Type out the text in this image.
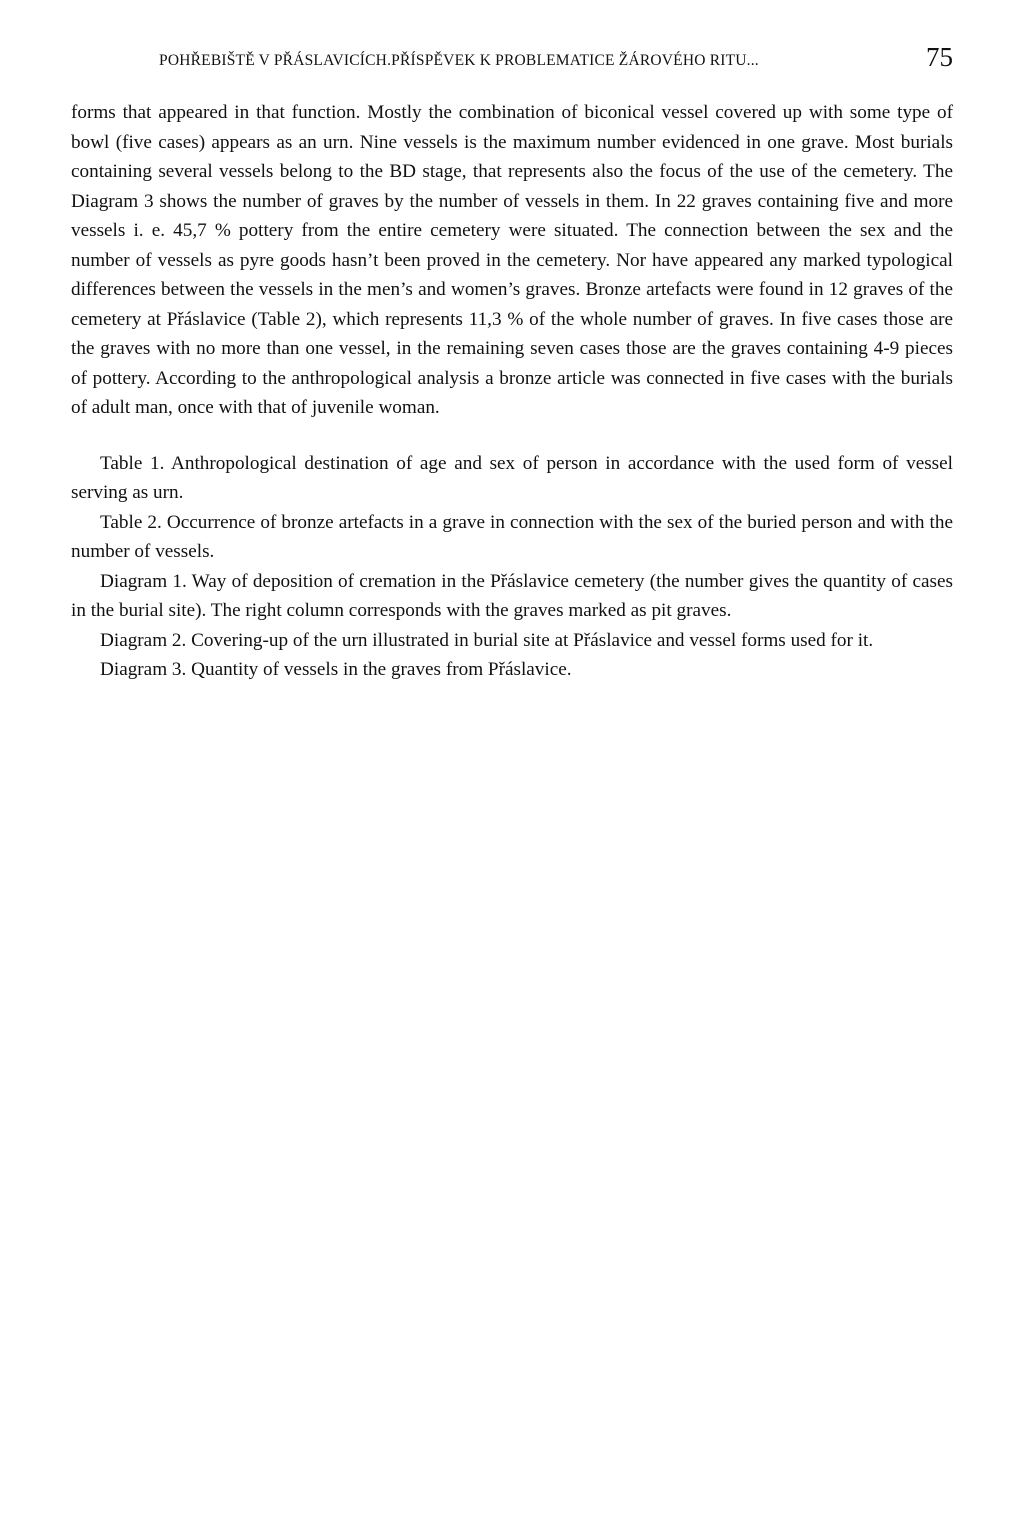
POHŘEBIŠTĚ V PŘÁSLAVICÍCH.PŘÍSPĚVEK K PROBLEMATICE ŽÁROVÉHO RITU...	75

forms that appeared in that function. Mostly the combination of biconical vessel covered up with some type of bowl (five cases) appears as an urn. Nine vessels is the maximum number evidenced in one grave. Most burials containing several vessels belong to the BD stage, that represents also the focus of the use of the cemetery. The Diagram 3 shows the number of graves by the number of vessels in them. In 22 graves containing five and more vessels i. e. 45,7 % pottery from the entire cemetery were situated. The connection between the sex and the number of vessels as pyre goods hasn’t been proved in the cemetery. Nor have appeared any marked typological differences between the vessels in the men’s and women’s graves. Bronze artefacts were found in 12 graves of the cemetery at Přáslavice (Table 2), which represents 11,3 % of the whole number of graves. In five cases those are the graves with no more than one vessel, in the remaining seven cases those are the graves containing 4-9 pieces of pottery. According to the anthropological analysis a bronze article was connected in five cases with the burials of adult man, once with that of juvenile woman.

Table 1. Anthropological destination of age and sex of person in accordance with the used form of vessel serving as urn.

Table 2. Occurrence of bronze artefacts in a grave in connection with the sex of the buried person and with the number of vessels.

Diagram 1. Way of deposition of cremation in the Přáslavice cemetery (the number gives the quantity of cases in the burial site). The right column corresponds with the graves marked as pit graves.

Diagram 2. Covering-up of the urn illustrated in burial site at Přáslavice and vessel forms used for it.

Diagram 3. Quantity of vessels in the graves from Přáslavice.
